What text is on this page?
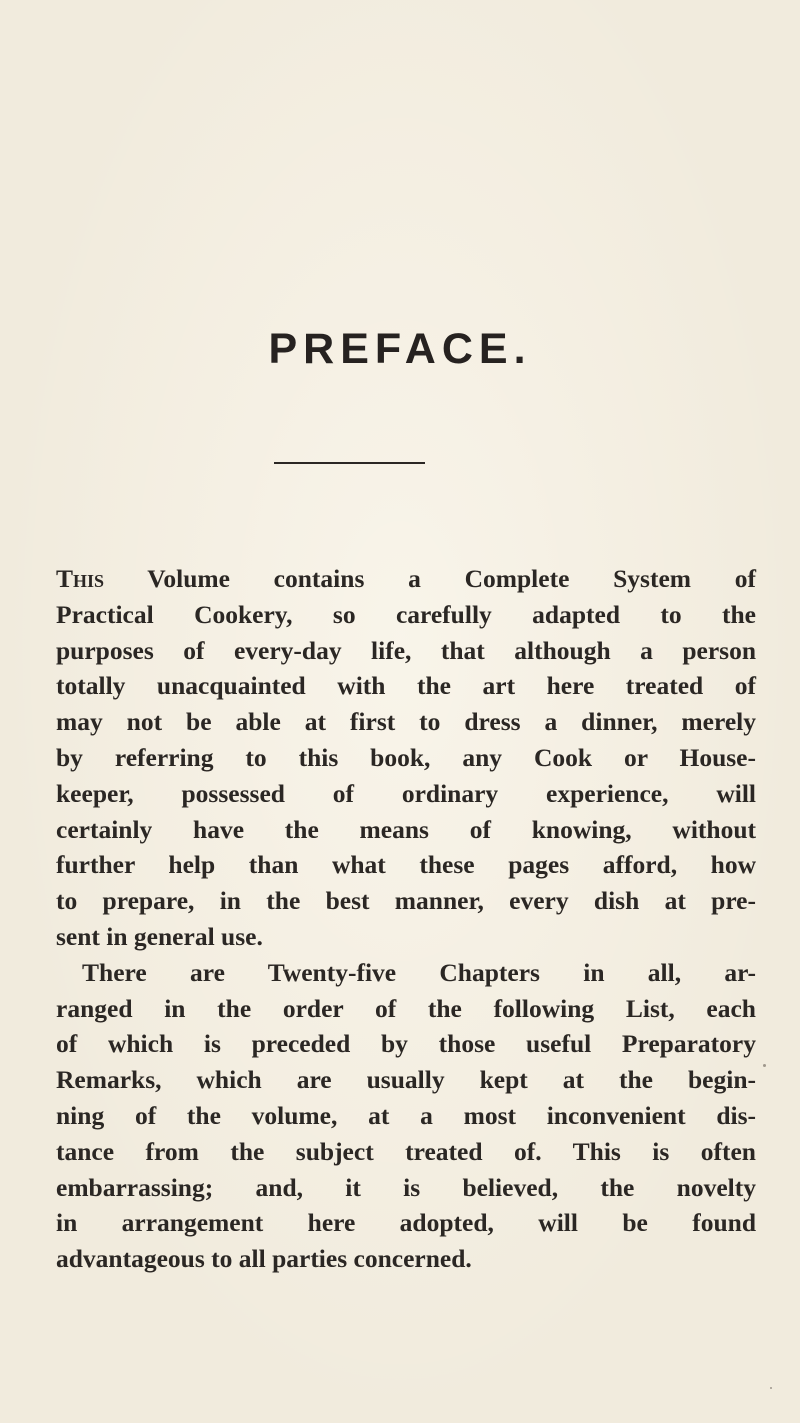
PREFACE.
This Volume contains a Complete System of
Practical Cookery, so carefully adapted to the
purposes of every-day life, that although a person
totally unacquainted with the art here treated of
may not be able at first to dress a dinner, merely
by referring to this book, any Cook or House-
keeper, possessed of ordinary experience, will
certainly have the means of knowing, without
further help than what these pages afford, how
to prepare, in the best manner, every dish at pre-
sent in general use.
There are Twenty-five Chapters in all, ar-
ranged in the order of the following List, each
of which is preceded by those useful Preparatory
Remarks, which are usually kept at the begin-
ning of the volume, at a most inconvenient dis-
tance from the subject treated of. This is often
embarrassing; and, it is believed, the novelty
in arrangement here adopted, will be found
advantageous to all parties concerned.
